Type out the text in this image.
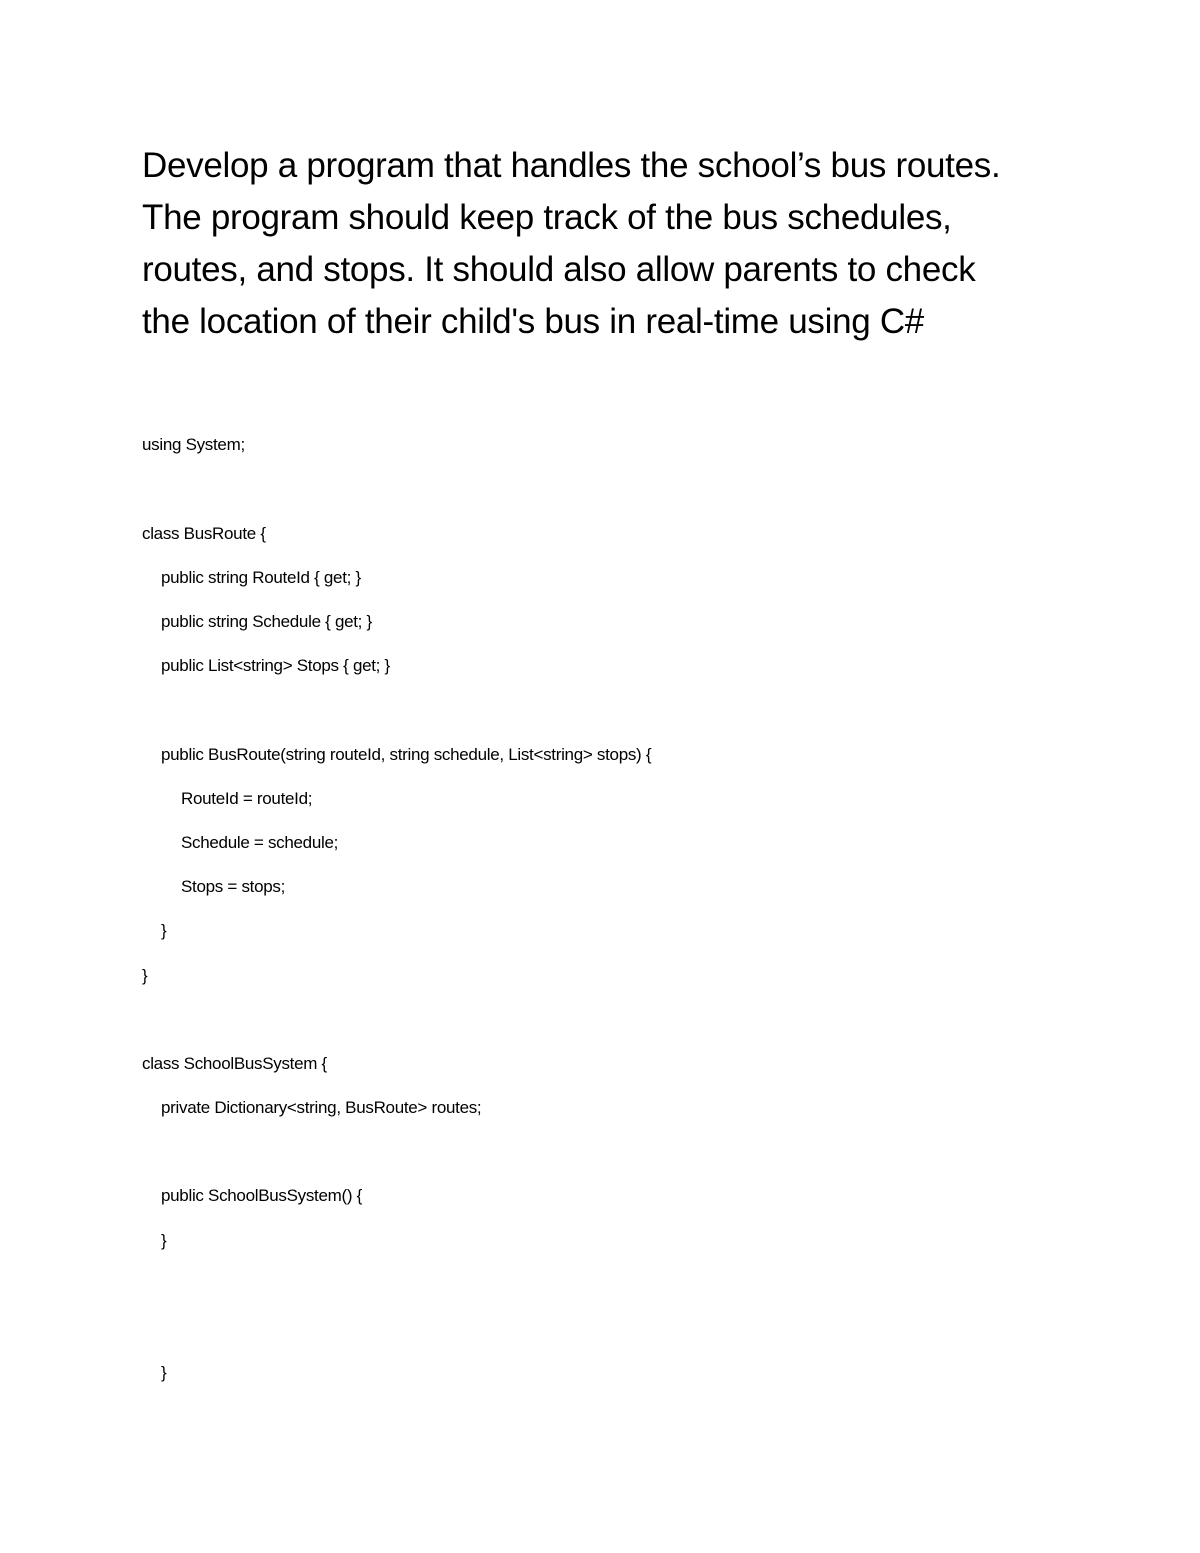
Develop a program that handles the school’s bus routes.
The program should keep track of the bus schedules,
routes, and stops. It should also allow parents to check
the location of their child's bus in real-time using C#
using System;
class BusRoute {
public string RouteId { get; }
public string Schedule { get; }
public List<string> Stops { get; }
public BusRoute(string routeId, string schedule, List<string> stops) {
RouteId = routeId;
Schedule = schedule;
Stops = stops;
}
}
class SchoolBusSystem {
private Dictionary<string, BusRoute> routes;
public SchoolBusSystem() {
}
}
